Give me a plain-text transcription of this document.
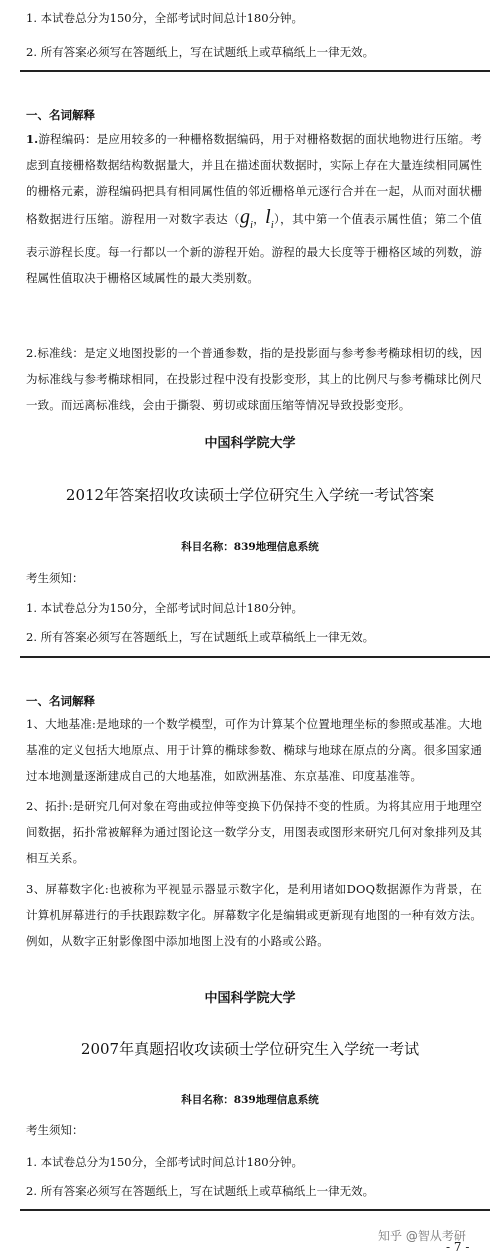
1. 本试卷总分为150分，全部考试时间总计180分钟。
2. 所有答案必须写在答题纸上，写在试题纸上或草稿纸上一律无效。
一、名词解释
1.游程编码：是应用较多的一种栅格数据编码，用于对栅格数据的面状地物进行压缩。考虑到直接栅格数据结构数据量大，并且在描述面状数据时，实际上存在大量连续相同属性的栅格元素，游程编码把具有相同属性值的邻近栅格单元逐行合并在一起，从而对面状栅格数据进行压缩。游程用一对数字表达（$g_i$，$l_i$），其中第一个值表示属性值；第二个值表示游程长度。每一行都以一个新的游程开始。游程的最大长度等于栅格区域的列数，游程属性值取决于栅格区域属性的最大类别数。
2.标准线：是定义地图投影的一个普通参数，指的是投影面与参考参考椭球相切的线，因为标准线与参考椭球相同，在投影过程中没有投影变形，其上的比例尺与参考椭球比例尺一致。而远离标准线，会由于撕裂、剪切或球面压缩等情况导致投影变形。
中国科学院大学
2012年答案招收攻读硕士学位研究生入学统一考试答案
科目名称：839地理信息系统
考生须知：
1. 本试卷总分为150分，全部考试时间总计180分钟。
2. 所有答案必须写在答题纸上，写在试题纸上或草稿纸上一律无效。
一、名词解释
1、大地基准:是地球的一个数学模型，可作为计算某个位置地理坐标的参照或基准。大地基准的定义包括大地原点、用于计算的椭球参数、椭球与地球在原点的分离。很多国家通过本地测量逐渐建成自己的大地基准，如欧洲基准、东京基准、印度基准等。
2、拓扑:是研究几何对象在弯曲或拉伸等变换下仍保持不变的性质。为将其应用于地理空间数据，拓扑常被解释为通过图论这一数学分支，用图表或图形来研究几何对象排列及其相互关系。
3、屏幕数字化:也被称为平视显示器显示数字化，是利用诸如DOQ数据源作为背景，在计算机屏幕进行的手扶跟踪数字化。屏幕数字化是编辑或更新现有地图的一种有效方法。例如，从数字正射影像图中添加地图上没有的小路或公路。
中国科学院大学
2007年真题招收攻读硕士学位研究生入学统一考试
科目名称：839地理信息系统
考生须知：
1. 本试卷总分为150分，全部考试时间总计180分钟。
2. 所有答案必须写在答题纸上，写在试题纸上或草稿纸上一律无效。
知乎 @智从考研
- 7 -
